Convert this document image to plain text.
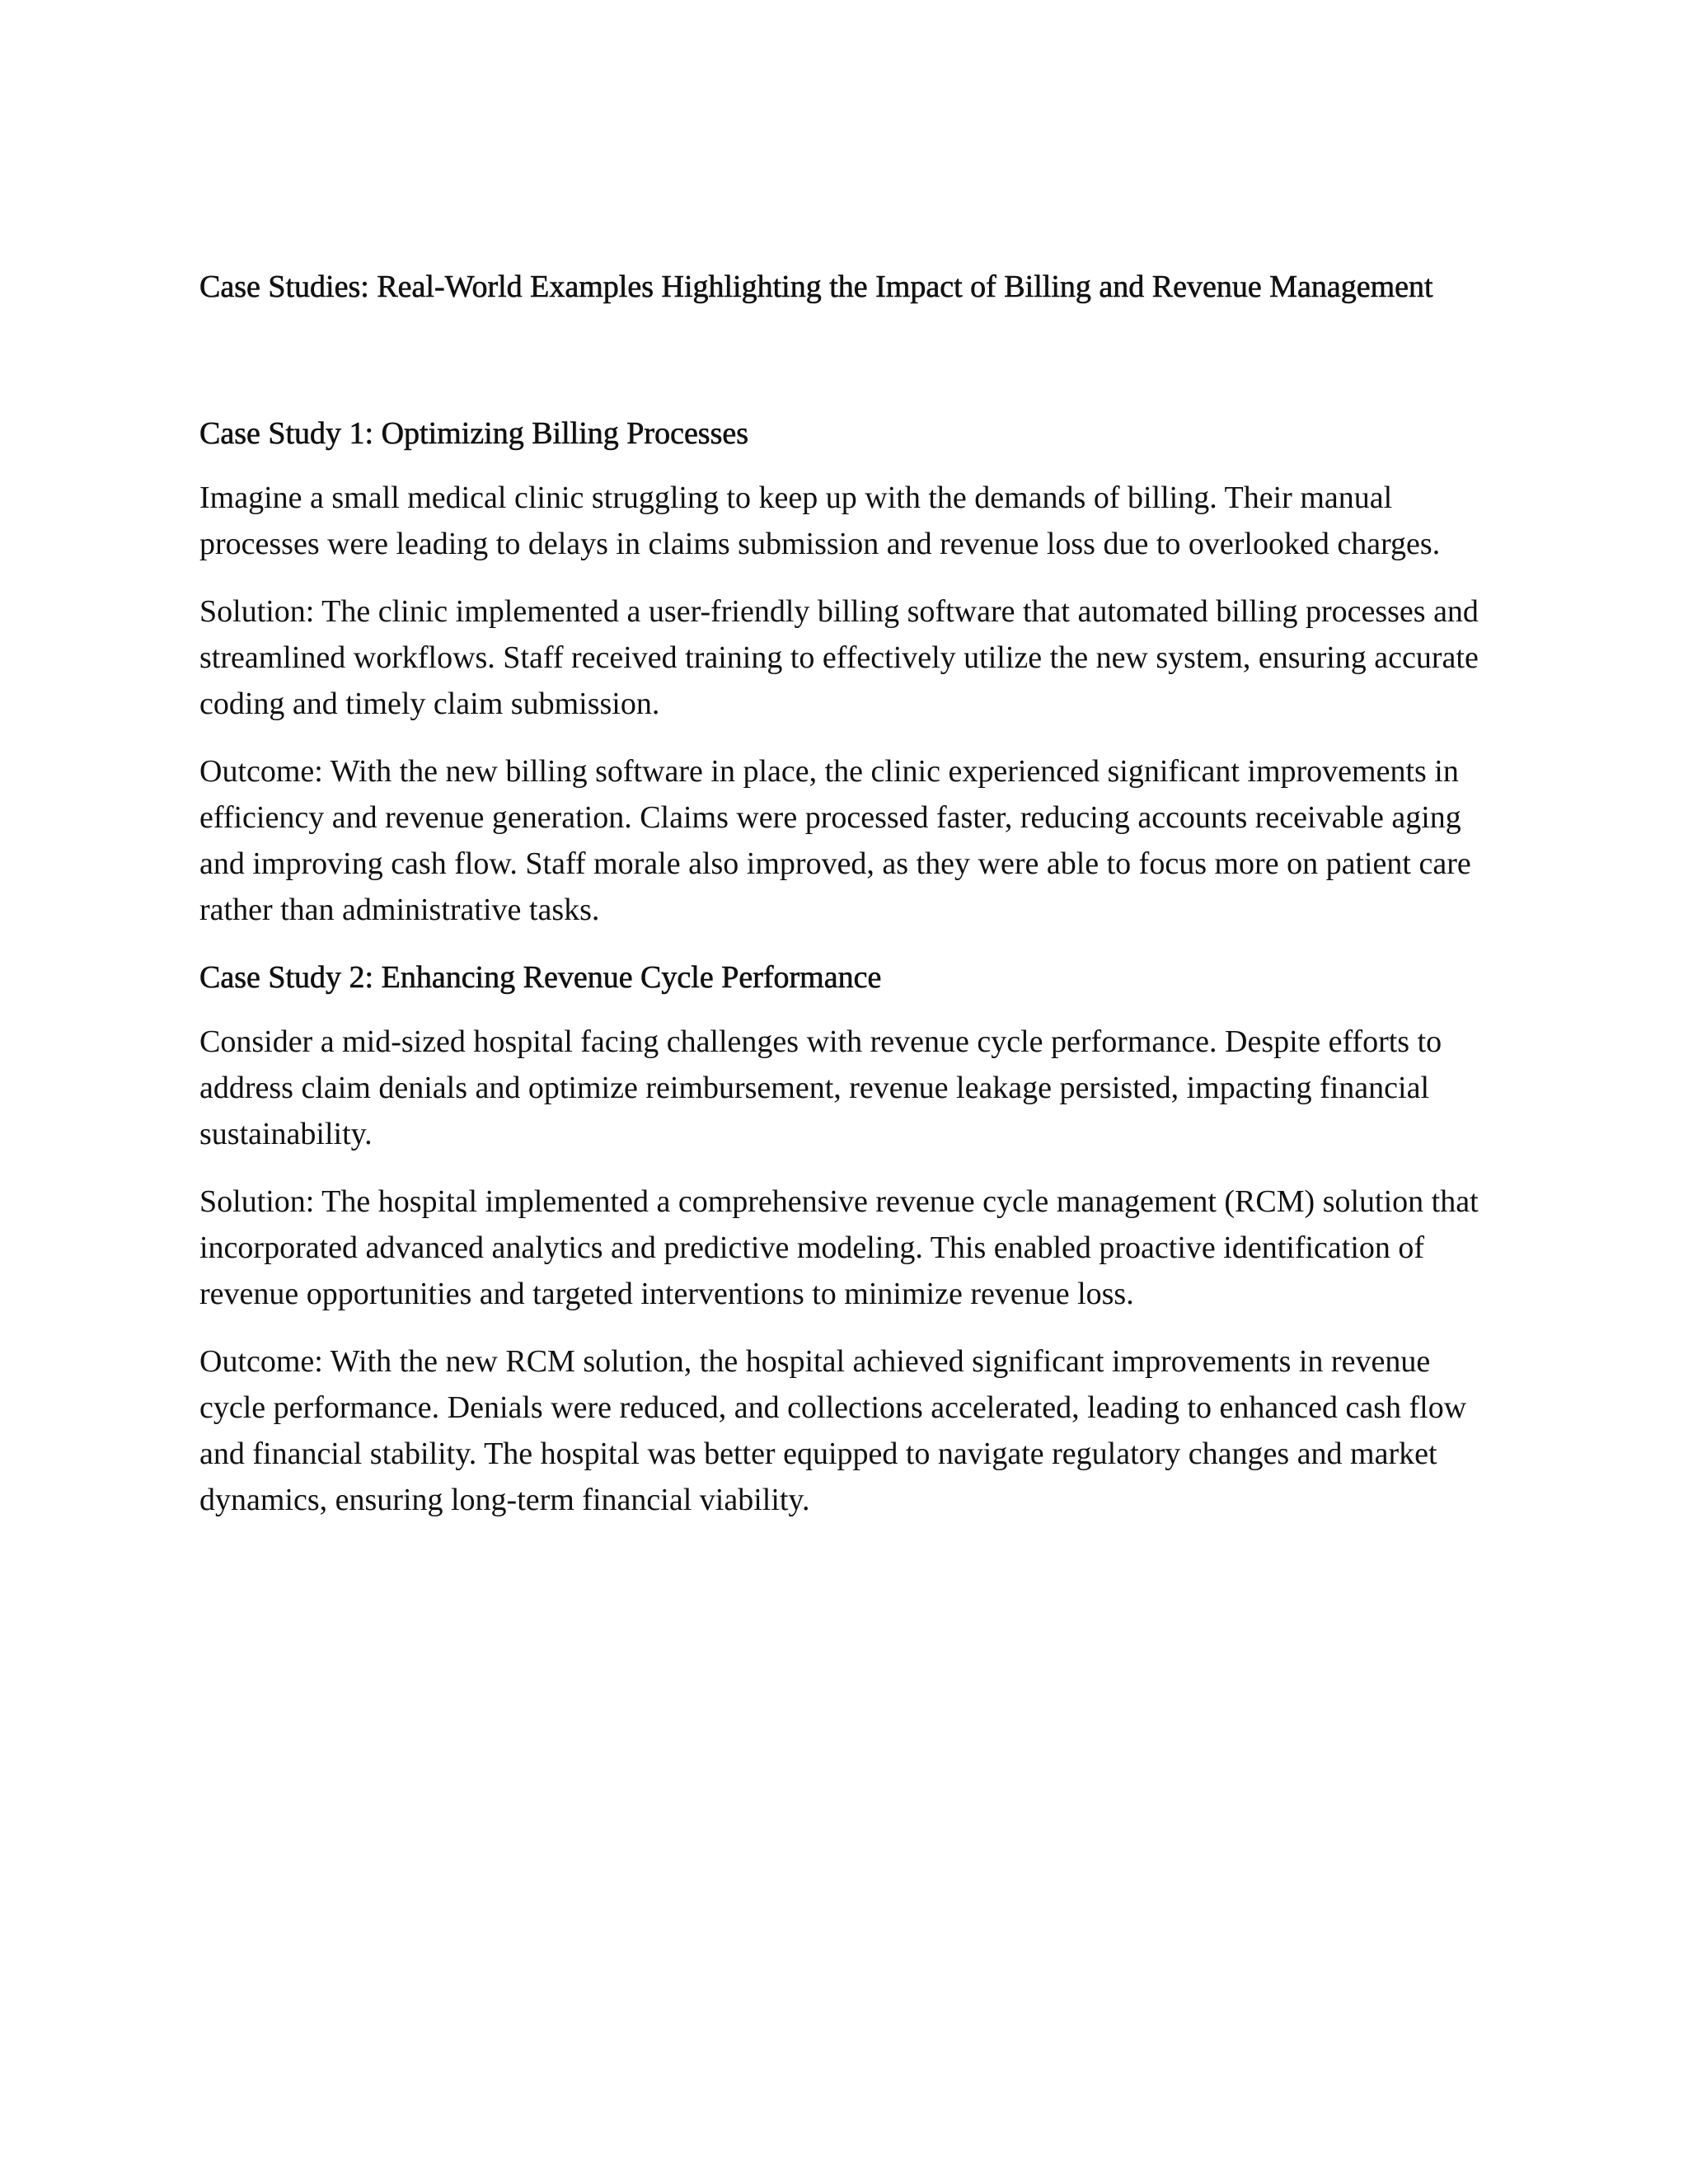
Case Studies: Real-World Examples Highlighting the Impact of Billing and Revenue Management
Case Study 1: Optimizing Billing Processes

Imagine a small medical clinic struggling to keep up with the demands of billing. Their manual processes were leading to delays in claims submission and revenue loss due to overlooked charges.

Solution: The clinic implemented a user-friendly billing software that automated billing processes and streamlined workflows. Staff received training to effectively utilize the new system, ensuring accurate coding and timely claim submission.

Outcome: With the new billing software in place, the clinic experienced significant improvements in efficiency and revenue generation. Claims were processed faster, reducing accounts receivable aging and improving cash flow. Staff morale also improved, as they were able to focus more on patient care rather than administrative tasks.

Case Study 2: Enhancing Revenue Cycle Performance

Consider a mid-sized hospital facing challenges with revenue cycle performance. Despite efforts to address claim denials and optimize reimbursement, revenue leakage persisted, impacting financial sustainability.

Solution: The hospital implemented a comprehensive revenue cycle management (RCM) solution that incorporated advanced analytics and predictive modeling. This enabled proactive identification of revenue opportunities and targeted interventions to minimize revenue loss.

Outcome: With the new RCM solution, the hospital achieved significant improvements in revenue cycle performance. Denials were reduced, and collections accelerated, leading to enhanced cash flow and financial stability. The hospital was better equipped to navigate regulatory changes and market dynamics, ensuring long-term financial viability.
